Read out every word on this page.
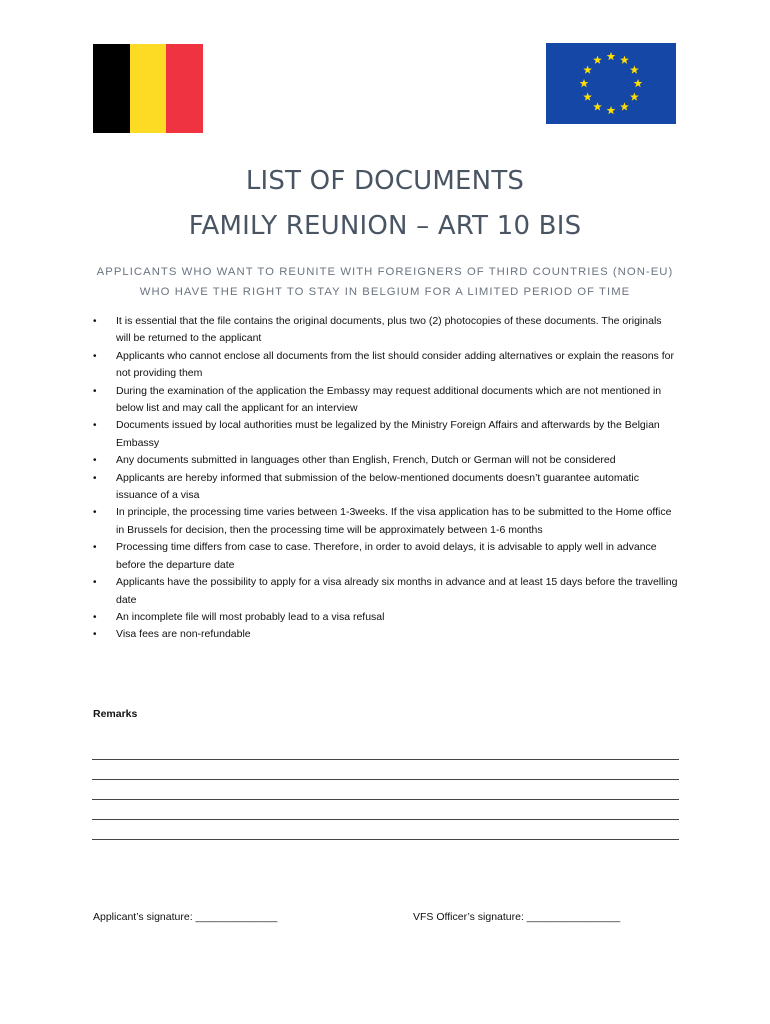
LIST OF DOCUMENTS
FAMILY REUNION – ART 10 BIS
APPLICANTS WHO WANT TO REUNITE WITH FOREIGNERS OF THIRD COUNTRIES (NON-EU)
WHO HAVE THE RIGHT TO STAY IN BELGIUM FOR A LIMITED PERIOD OF TIME
• It is essential that the file contains the original documents, plus two (2) photocopies of these documents. The originals will be returned to the applicant
• Applicants who cannot enclose all documents from the list should consider adding alternatives or explain the reasons for not providing them
• During the examination of the application the Embassy may request additional documents which are not mentioned in below list and may call the applicant for an interview
• Documents issued by local authorities must be legalized by the Ministry Foreign Affairs and afterwards by the Belgian Embassy
• Any documents submitted in languages other than English, French, Dutch or German will not be considered
• Applicants are hereby informed that submission of the below-mentioned documents doesn’t guarantee automatic issuance of a visa
• In principle, the processing time varies between 1-3weeks. If the visa application has to be submitted to the Home office in Brussels for decision, then the processing time will be approximately between 1-6 months
• Processing time differs from case to case. Therefore, in order to avoid delays, it is advisable to apply well in advance before the departure date
• Applicants have the possibility to apply for a visa already six months in advance and at least 15 days before the travelling date
• An incomplete file will most probably lead to a visa refusal
• Visa fees are non-refundable
Remarks
Applicant’s signature: ______________	VFS Officer’s signature: ________________
